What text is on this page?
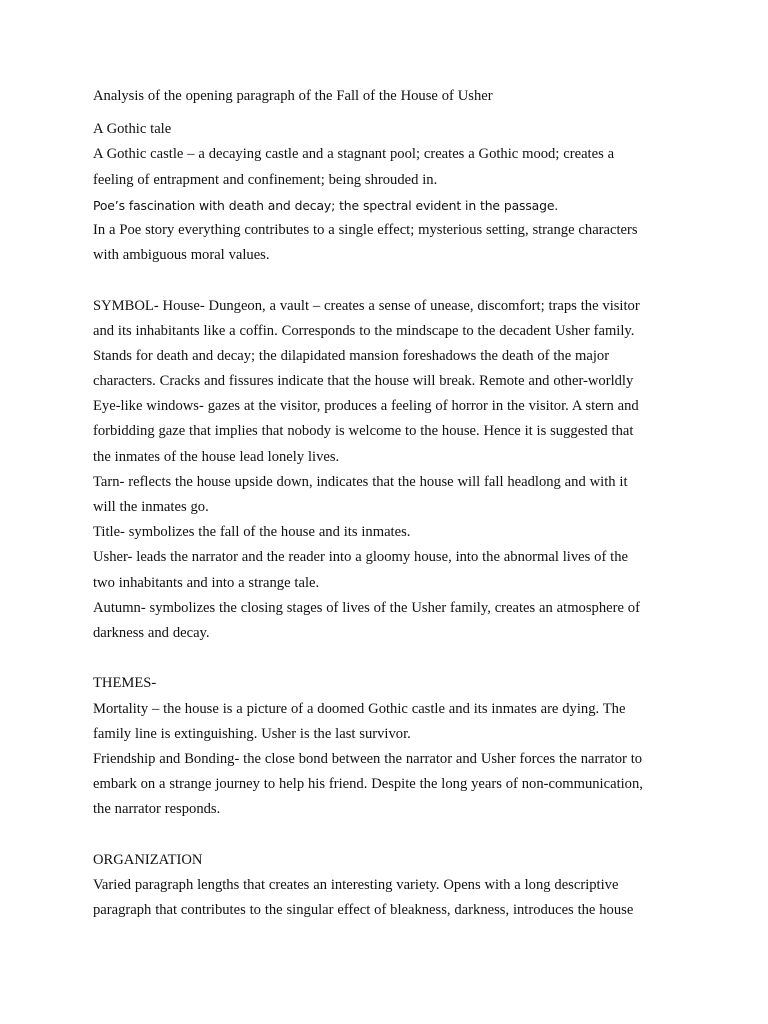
Analysis of the opening paragraph of the Fall of the House of Usher
A Gothic tale
A Gothic castle – a decaying castle and a stagnant pool; creates a Gothic mood; creates a
feeling of entrapment and confinement; being shrouded in.
Poe’s fascination with death and decay; the spectral evident in the passage.
In a Poe story everything contributes to a single effect; mysterious setting, strange characters
with ambiguous moral values.
SYMBOL- House- Dungeon, a vault – creates a sense of unease, discomfort; traps the visitor
and its inhabitants like a coffin. Corresponds to the mindscape to the decadent Usher family.
Stands for death and decay; the dilapidated mansion foreshadows the death of the major
characters. Cracks and fissures indicate that the house will break. Remote and other-worldly
Eye-like windows- gazes at the visitor, produces a feeling of horror in the visitor. A stern and
forbidding gaze that implies that nobody is welcome to the house. Hence it is suggested that
the inmates of the house lead lonely lives.
Tarn- reflects the house upside down, indicates that the house will fall headlong and with it
will the inmates go.
Title- symbolizes the fall of the house and its inmates.
Usher- leads the narrator and the reader into a gloomy house, into the abnormal lives of the
two inhabitants and into a strange tale.
Autumn- symbolizes the closing stages of lives of the Usher family, creates an atmosphere of
darkness and decay.
THEMES-
Mortality – the house is a picture of a doomed Gothic castle and its inmates are dying. The
family line is extinguishing. Usher is the last survivor.
Friendship and Bonding- the close bond between the narrator and Usher forces the narrator to
embark on a strange journey to help his friend. Despite the long years of non-communication,
the narrator responds.
ORGANIZATION
Varied paragraph lengths that creates an interesting variety. Opens with a long descriptive
paragraph that contributes to the singular effect of bleakness, darkness, introduces the house
